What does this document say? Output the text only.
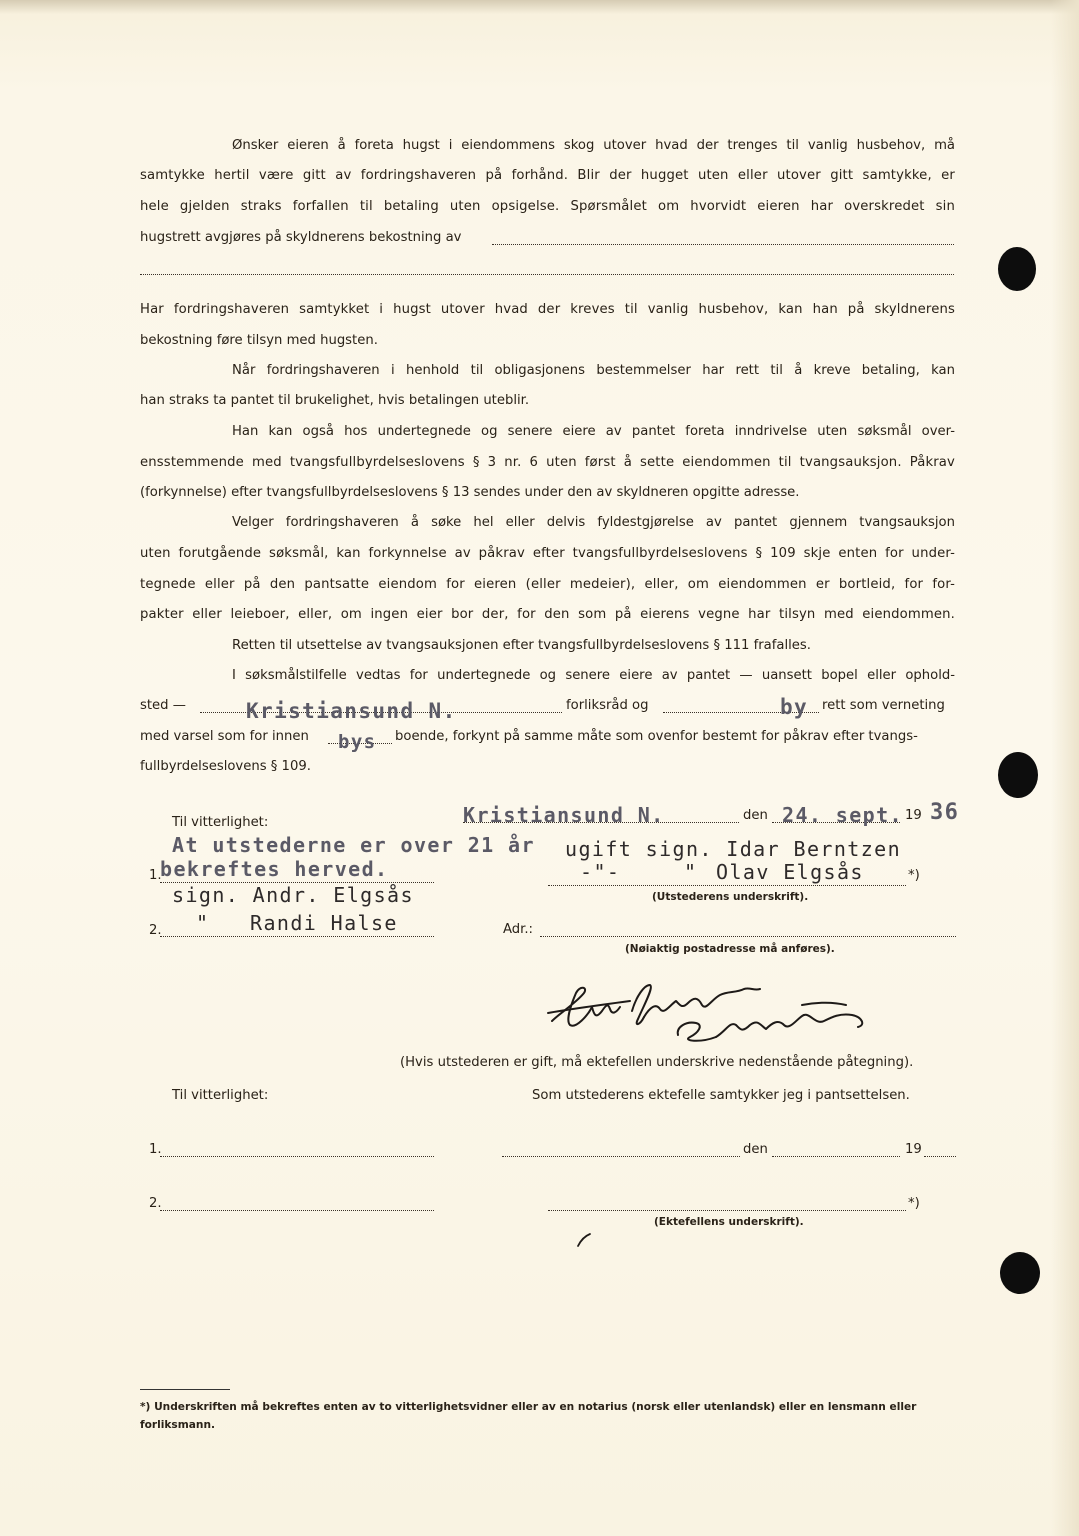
Ønsker eieren å foreta hugst i eiendommens skog utover hvad der trenges til vanlig husbehov, må
samtykke hertil være gitt av fordringshaveren på forhånd. Blir der hugget uten eller utover gitt samtykke, er
hele gjelden straks forfallen til betaling uten opsigelse. Spørsmålet om hvorvidt eieren har overskredet sin
hugstrett avgjøres på skyldnerens bekostning av
Har fordringshaveren samtykket i hugst utover hvad der kreves til vanlig husbehov, kan han på skyldnerens
bekostning føre tilsyn med hugsten.
Når fordringshaveren i henhold til obligasjonens bestemmelser har rett til å kreve betaling, kan
han straks ta pantet til brukelighet, hvis betalingen uteblir.
Han kan også hos undertegnede og senere eiere av pantet foreta inndrivelse uten søksmål over-
ensstemmende med tvangsfullbyrdelseslovens § 3 nr. 6 uten først å sette eiendommen til tvangsauksjon. Påkrav
(forkynnelse) efter tvangsfullbyrdelseslovens § 13 sendes under den av skyldneren opgitte adresse.
Velger fordringshaveren å søke hel eller delvis fyldestgjørelse av pantet gjennem tvangsauksjon
uten forutgående søksmål, kan forkynnelse av påkrav efter tvangsfullbyrdelseslovens § 109 skje enten for under-
tegnede eller på den pantsatte eiendom for eieren (eller medeier), eller, om eiendommen er bortleid, for for-
pakter eller leieboer, eller, om ingen eier bor der, for den som på eierens vegne har tilsyn med eiendommen.
Retten til utsettelse av tvangsauksjonen efter tvangsfullbyrdelseslovens § 111 frafalles.
I søksmålstilfelle vedtas for undertegnede og senere eiere av pantet — uansett bopel eller ophold-
sted —	Kristiansund N.	forliksråd og	by rett som verneting
med varsel som for innen bys boende, forkynt på samme måte som ovenfor bestemt for påkrav efter tvangs-
fullbyrdelseslovens § 109.
Til vitterlighet:	Kristiansund N.	den 24. sept. 19 36
At utstederne er over 21 år
1.
bekreftes herved.
sign. Andr. Elgsås
ugift sign. Idar Berntzen
-"-	" Olav Elgsås	*)
(Utstederens underskrift).
2. " Randi Halse	Adr.:
(Nøiaktig postadresse må anføres).
(Hvis utstederen er gift, må ektefellen underskrive nedenstående påtegning).
Til vitterlighet:	Som utstederens ektefelle samtykker jeg i pantsettelsen.
1.	den	19
2.	*)
(Ektefellens underskrift).
*) Underskriften må bekreftes enten av to vitterlighetsvidner eller av en notarius (norsk eller utenlandsk) eller en lensmann eller forliksmann.
